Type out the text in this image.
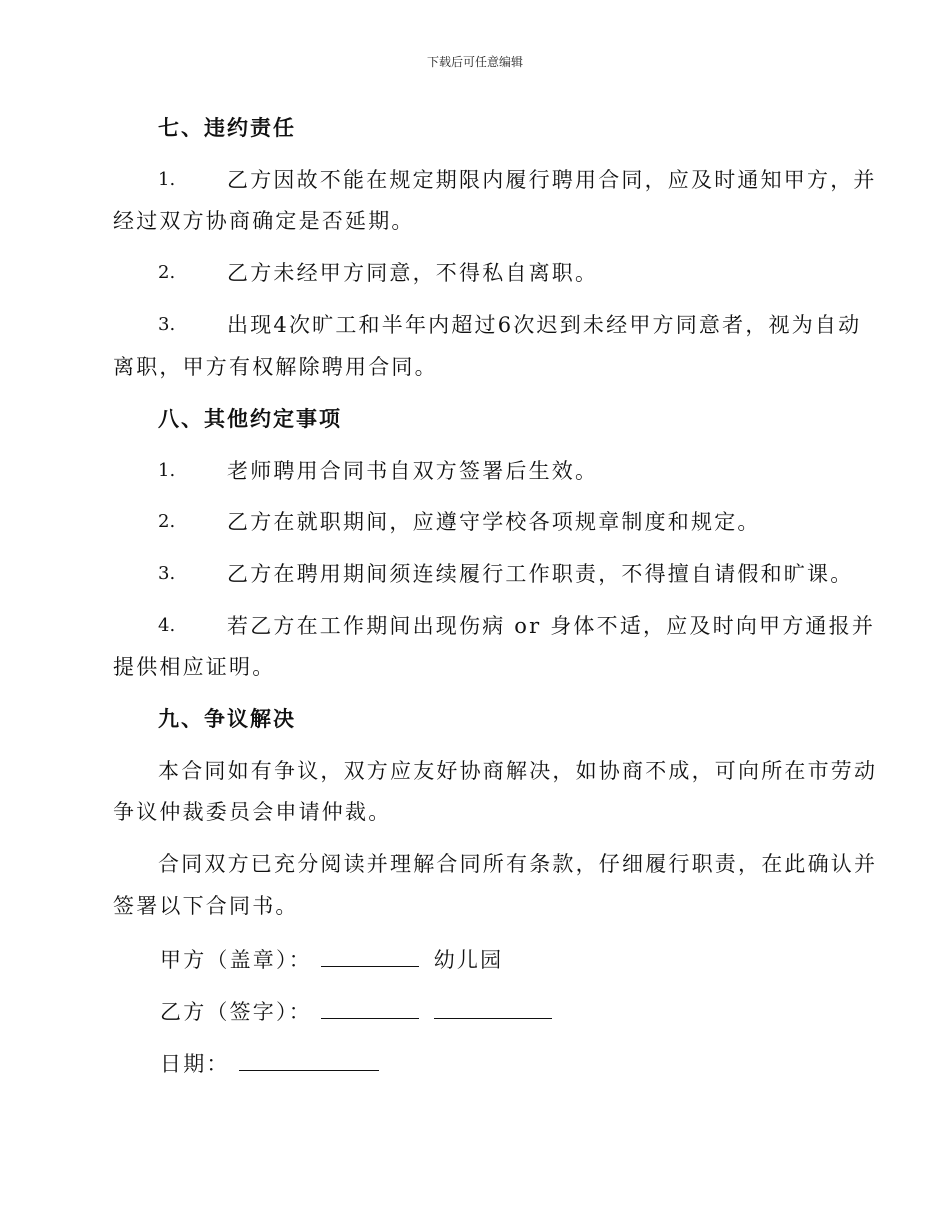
下载后可任意编辑
七、违约责任
1. 乙方因故不能在规定期限内履行聘用合同，应及时通知甲方，并
经过双方协商确定是否延期。
2. 乙方未经甲方同意，不得私自离职。
3. 出现4次旷工和半年内超过6次迟到未经甲方同意者，视为自动
离职，甲方有权解除聘用合同。
八、其他约定事项
1. 老师聘用合同书自双方签署后生效。
2. 乙方在就职期间，应遵守学校各项规章制度和规定。
3. 乙方在聘用期间须连续履行工作职责，不得擅自请假和旷课。
4. 若乙方在工作期间出现伤病 or 身体不适，应及时向甲方通报并
提供相应证明。
九、争议解决
本合同如有争议，双方应友好协商解决，如协商不成，可向所在市劳动
争议仲裁委员会申请仲裁。
合同双方已充分阅读并理解合同所有条款，仔细履行职责，在此确认并
签署以下合同书。
甲方（盖章）：	幼儿园
乙方（签字）：
日期：
